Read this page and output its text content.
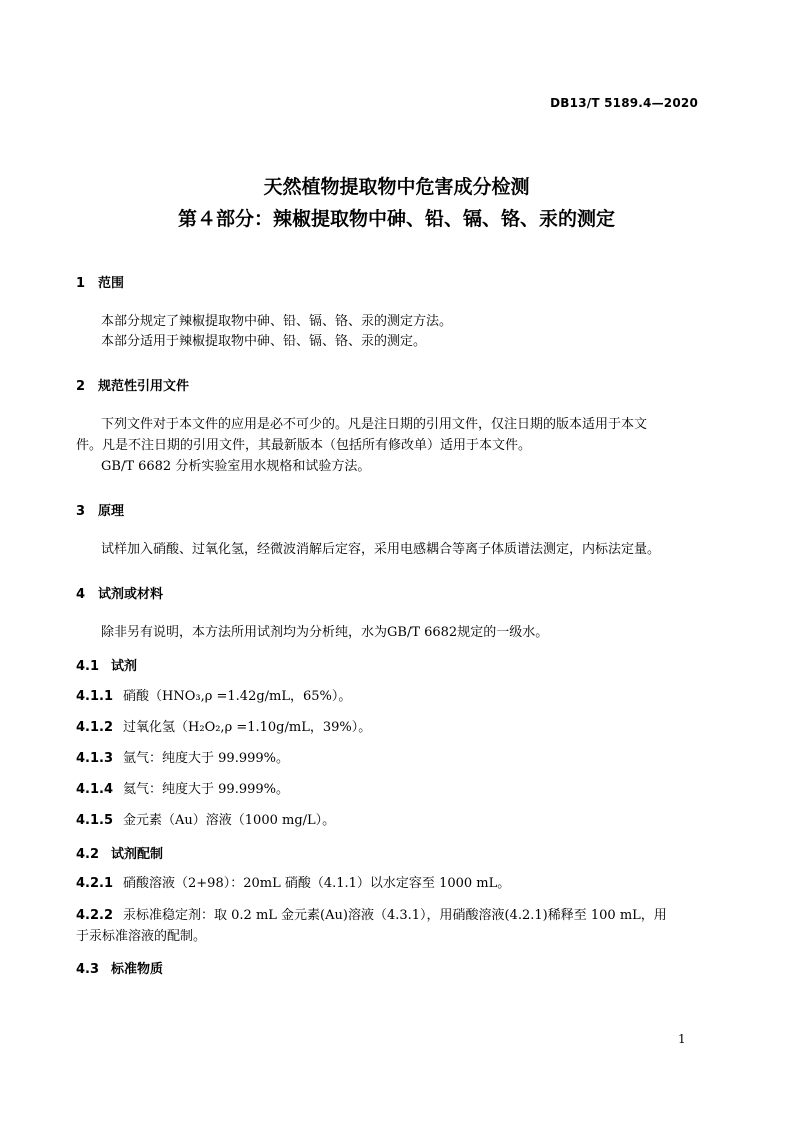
DB13/T 5189.4—2020
天然植物提取物中危害成分检测
第４部分：辣椒提取物中砷、铅、镉、铬、汞的测定
1 范围
本部分规定了辣椒提取物中砷、铅、镉、铬、汞的测定方法。
本部分适用于辣椒提取物中砷、铅、镉、铬、汞的测定。
2 规范性引用文件
下列文件对于本文件的应用是必不可少的。凡是注日期的引用文件，仅注日期的版本适用于本文
件。凡是不注日期的引用文件，其最新版本（包括所有修改单）适用于本文件。
GB/T 6682 分析实验室用水规格和试验方法。
3 原理
试样加入硝酸、过氧化氢，经微波消解后定容，采用电感耦合等离子体质谱法测定，内标法定量。
4 试剂或材料
除非另有说明，本方法所用试剂均为分析纯，水为GB/T 6682规定的一级水。
4.1 试剂
4.1.1 硝酸（HNO₃,ρ =1.42g/mL，65%）。
4.1.2 过氧化氢（H₂O₂,ρ =1.10g/mL，39%）。
4.1.3 氩气：纯度大于 99.999%。
4.1.4 氦气：纯度大于 99.999%。
4.1.5 金元素（Au）溶液（1000 mg/L）。
4.2 试剂配制
4.2.1 硝酸溶液（2+98）：20mL 硝酸（4.1.1）以水定容至 1000 mL。
4.2.2 汞标准稳定剂：取 0.2 mL 金元素(Au)溶液（4.3.1），用硝酸溶液(4.2.1)稀释至 100 mL，用
于汞标准溶液的配制。
4.3 标准物质
1
